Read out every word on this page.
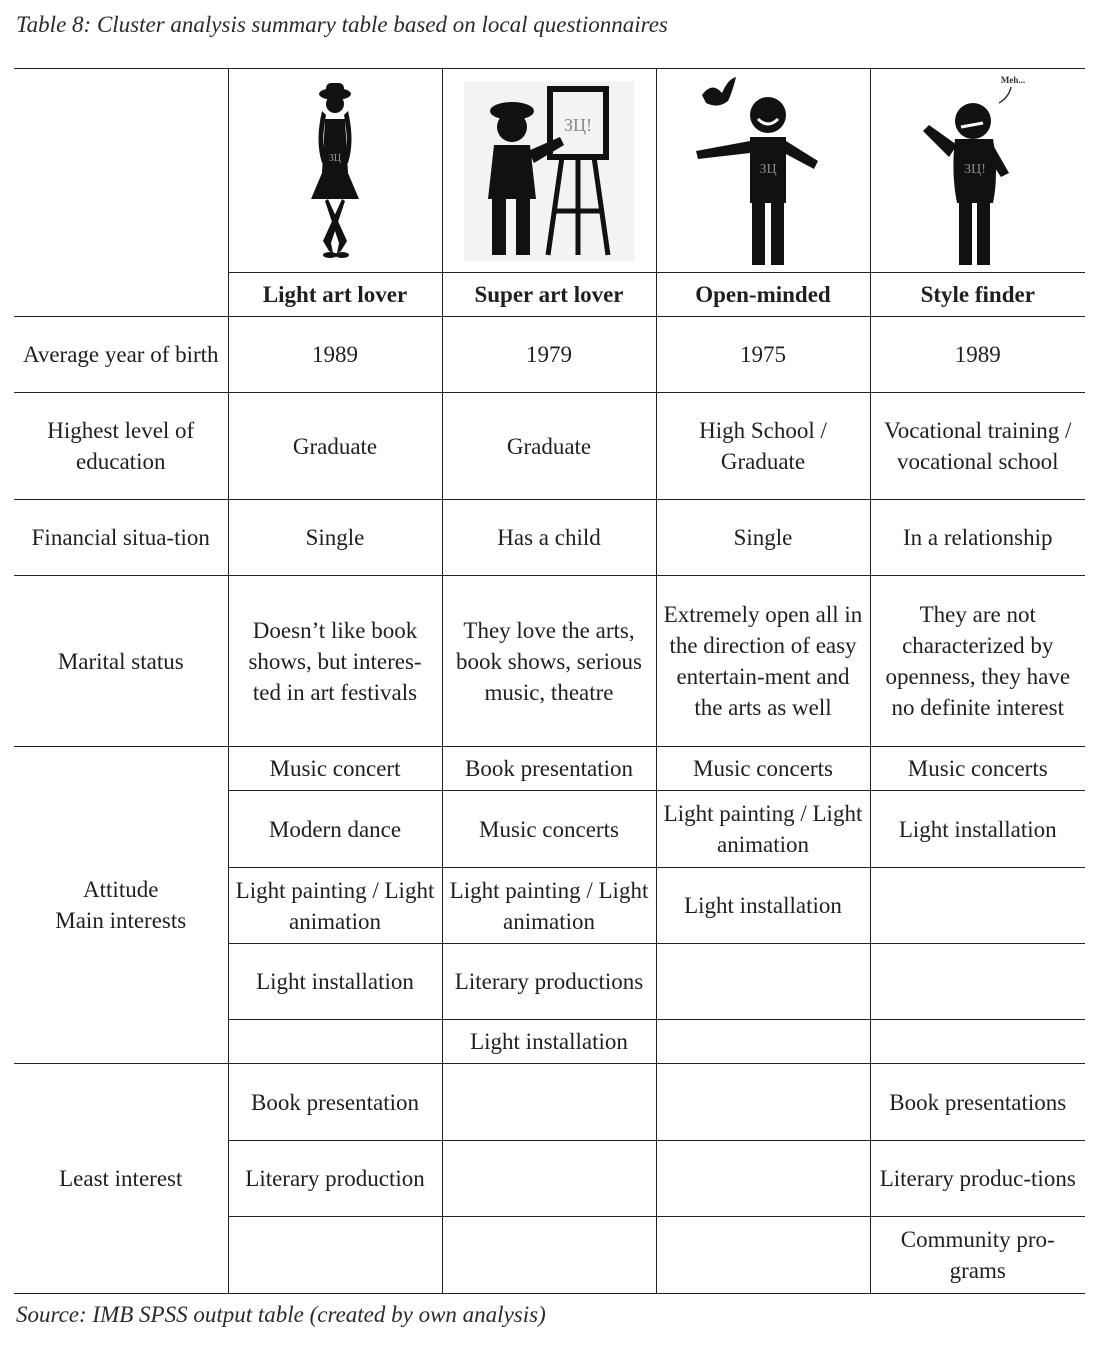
Table 8: Cluster analysis summary table based on local questionnaires

ЗЦ	ЗЦ!	ЗЦ	Meh...
ЗЦ!

	Light art lover	Super art lover	Open-minded	Style finder
Average year of birth	1989	1979	1975	1989
Highest level of education	Graduate	Graduate	High School / Graduate	Vocational training / vocational school
Financial situa-tion	Single	Has a child	Single	In a relationship
Marital status	Doesn’t like book shows, but interes-ted in art festivals	They love the arts, book shows, serious music, theatre	Extremely open all in the direction of easy entertain-ment and the arts as well	They are not characterized by openness, they have no definite interest

Attitude
Main interests	Music concert	Book presentation	Music concerts	Music concerts
	Modern dance	Music concerts	Light painting / Light animation	Light installation
	Light painting / Light animation	Light painting / Light animation	Light installation	
	Light installation	Literary productions		
		Light installation		
Least interest	Book presentation			Book presentations
	Literary production			Literary produc-tions
				Community pro-grams
Source: IMB SPSS output table (created by own analysis)
